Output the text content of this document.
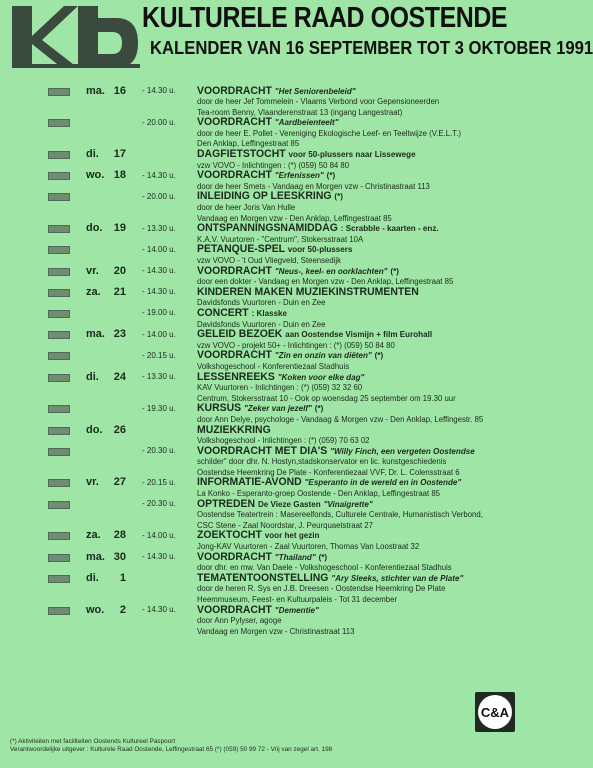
KULTURELE RAAD OOSTENDE
KALENDER VAN 16 SEPTEMBER TOT 3 OKTOBER 1991
ma. 16 - 14.30 u. VOORDRACHT "Het Seniorenbeleid"
door de heer Jef Tommelein - Vlaams Verbond voor Gepensioneerden
Tea-room Benny, Vlaanderenstraat 13 (ingang Langestraat)
- 20.00 u. VOORDRACHT "Aardbeienteelt"
door de heer E. Pollet - Vereniging Ekologische Leef- en Teeltwijze (V.E.L.T.)
Den Anklap, Leffingestraat 85
di.	17	DAGFIETSTOCHT voor 50-plussers naar Lissewege
vzw VOVO - Inlichtingen : (*) (059) 50 84 80
wo. 18 - 14.30 u. VOORDRACHT "Erfenissen" (*)
door de heer Smets - Vandaag en Morgen vzw - Christinastraat 113
- 20.00 u. INLEIDING OP LEESKRING (*)
door de heer Joris Van Hulle
Vandaag en Morgen vzw - Den Anklap, Leffingestraat 85
do.	19 - 13.30 u. ONTSPANNINGSNAMIDDAG : Scrabble - kaarten - enz.
K.A.V. Vuurtoren - "Centrum", Stokersstraat 10A
- 14.00 u. PETANQUE-SPEL voor 50-plussers
vzw VOVO - 't Oud Vliegveld, Steensedijk
vr.	20 - 14.30 u. VOORDRACHT "Neus-, keel- en oorklachten" (*)
door een dokter - Vandaag en Morgen vzw - Den Anklap, Leffingestraat 85
za.	21 - 14.30 u. KINDEREN MAKEN MUZIEKINSTRUMENTEN
Davidsfonds Vuurtoren - Duin en Zee
- 19.00 u. CONCERT : Klasske
Davidsfonds Vuurtoren - Duin en Zee
ma. 23 - 14.00 u. GELEID BEZOEK aan Oostendse Vismijn + film Eurohall
vzw VOVO - projekt 50+ - Inlichtingen : (*) (059) 50 84 80
- 20.15 u. VOORDRACHT "Zin en onzin van diëten" (*)
Volkshogeschool - Konferentiezaal Stadhuis
di.	24 - 13.30 u. LESSENREEKS "Koken voor elke dag"
KAV Vuurtoren - Inlichtingen : (*) (059) 32 32 60
Centrum, Stokersstraat 10 - Ook op woensdag 25 september om 19.30 uur
- 19.30 u. KURSUS "Zeker van jezelf" (*)
door Ann Delye, psychologe - Vandaag & Morgen vzw - Den Anklap, Leffingestr. 85
do.	26	MUZIEKKRING
Volkshogeschool - Inlichtingen : (*) (059) 70 63 02
- 20.30 u. VOORDRACHT MET DIA'S "Willy Finch, een vergeten Oostendse
schilder" door dhr. N. Hostyn,stadskonservator en lic. kunstgeschiedenis
Oostendse Heemkring De Plate - Konferentiezaal VVF, Dr. L. Colensstraat 6
vr.	27 - 20.15 u. INFORMATIE-AVOND "Esperanto in de wereld en in Oostende"
La Konko - Esperanto-groep Oostende - Den Anklap, Leffingestraat 85
- 20.30 u. OPTREDEN De Vieze Gasten "Vinaigrette"
Oostendse Teatertrein : Masereelfonds, Culturele Centrale, Humanistisch Verbond,
CSC Stene - Zaal Noordstar, J. Peurquaetstraat 27
za.	28 - 14.00 u. ZOEKTOCHT voor het gezin
Jong-KAV Vuurtoren - Zaal Vuurtoren, Thomas Van Loostraat 32
ma. 30 - 14.30 u. VOORDRACHT "Thailand" (*)
door dhr. en mw. Van Daele - Volkshogeschool - Konferentiezaal Stadhuis
di.	1	TEMATENTOONSTELLING "Ary Sleeks, stichter van de Plate"
door de heren R. Sys en J.B. Dreesen - Oostendse Heemkring De Plate
Heemmuseum, Feest- en Kultuurpaleis - Tot 31 december
wo.	2 - 14.30 u. VOORDRACHT "Dementie"
door Ann Pylyser, agoge
Vandaag en Morgen vzw - Christinastraat 113
(*) Aktiviteiten met faciliteiten Oostends Kultureel Paspoort
Verantwoordelijke uitgever : Kulturele Raad Oostende, Leffingestraat 65 (*) (059) 50 99 72 - Vrij van zegel art. 198
C&A
